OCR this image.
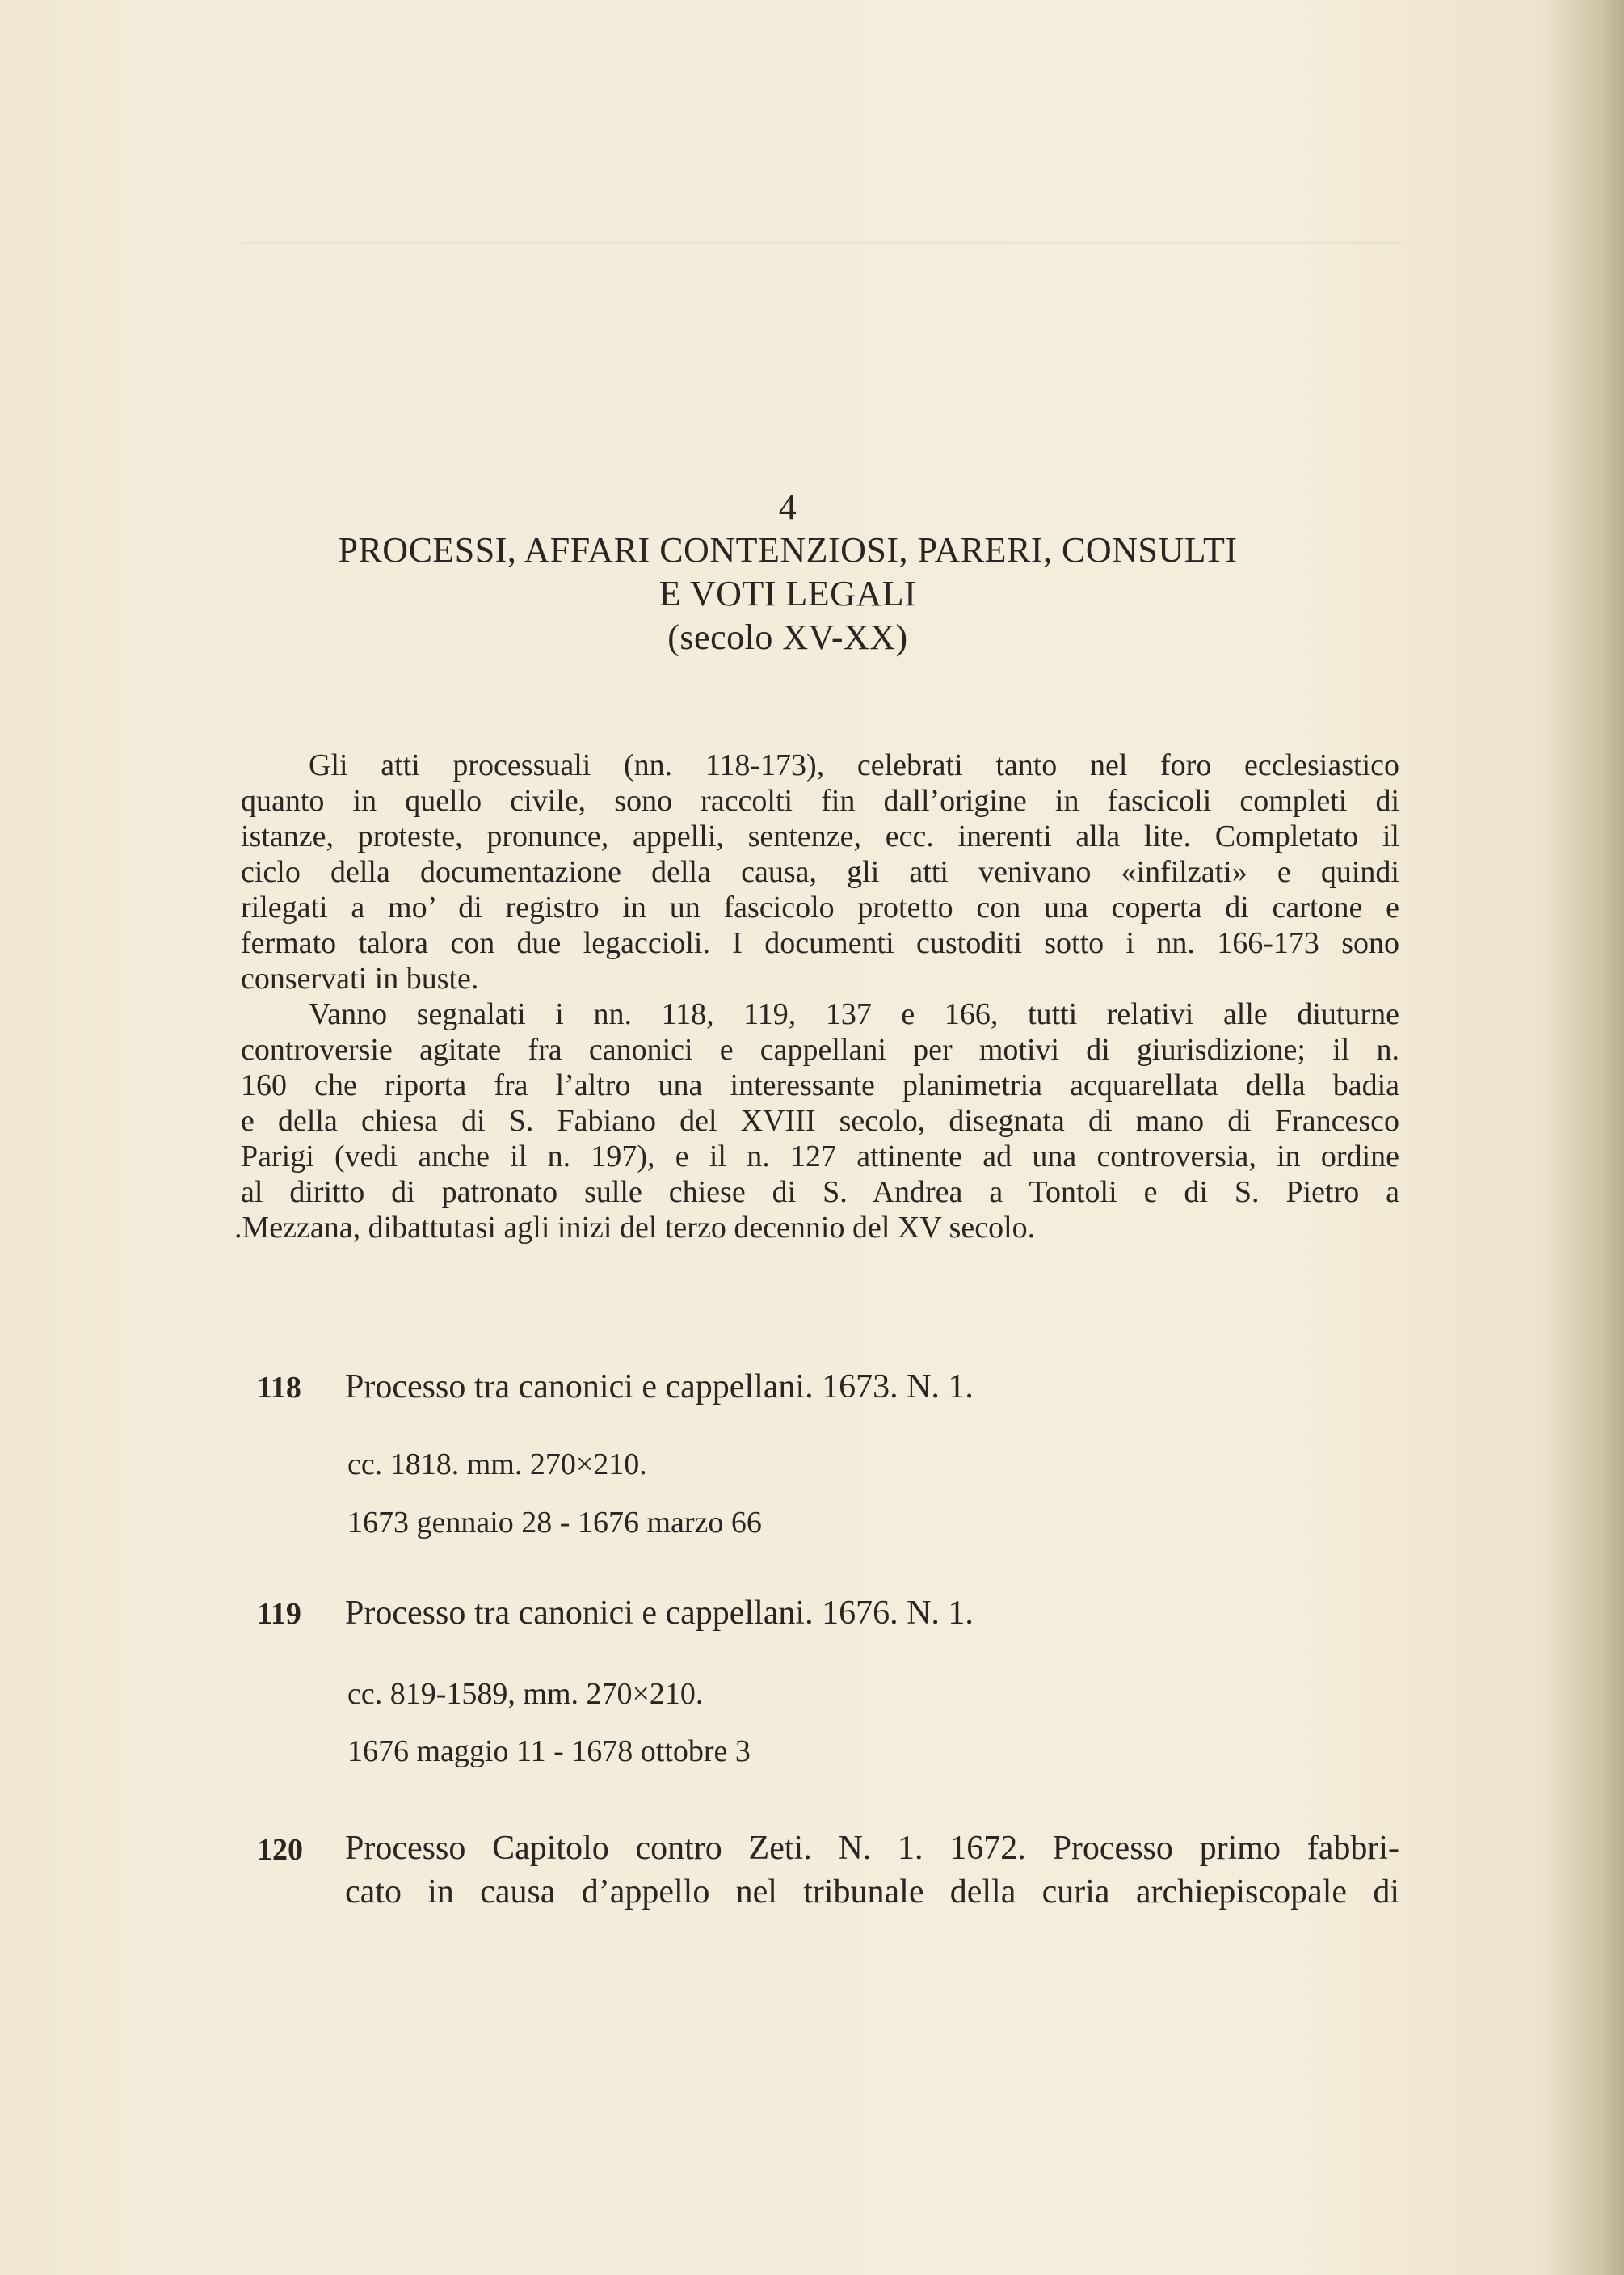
4
PROCESSI, AFFARI CONTENZIOSI, PARERI, CONSULTI
E VOTI LEGALI
(secolo XV-XX)
Gli atti processuali (nn. 118-173), celebrati tanto nel foro ecclesiastico
quanto in quello civile, sono raccolti fin dall’origine in fascicoli completi di
istanze, proteste, pronunce, appelli, sentenze, ecc. inerenti alla lite. Completato il
ciclo della documentazione della causa, gli atti venivano «infilzati» e quindi
rilegati a mo’ di registro in un fascicolo protetto con una coperta di cartone e
fermato talora con due legaccioli. I documenti custoditi sotto i nn. 166-173 sono
conservati in buste.
Vanno segnalati i nn. 118, 119, 137 e 166, tutti relativi alle diuturne
controversie agitate fra canonici e cappellani per motivi di giurisdizione; il n.
160 che riporta fra l’altro una interessante planimetria acquarellata della badia
e della chiesa di S. Fabiano del XVIII secolo, disegnata di mano di Francesco
Parigi (vedi anche il n. 197), e il n. 127 attinente ad una controversia, in ordine
al diritto di patronato sulle chiese di S. Andrea a Tontoli e di S. Pietro a
.Mezzana, dibattutasi agli inizi del terzo decennio del XV secolo.
118 Processo tra canonici e cappellani. 1673. N. 1.
cc. 1818. mm. 270×210.
1673 gennaio 28 - 1676 marzo 66
119 Processo tra canonici e cappellani. 1676. N. 1.
cc. 819-1589, mm. 270×210.
1676 maggio 11 - 1678 ottobre 3
120 Processo Capitolo contro Zeti. N. 1. 1672. Processo primo fabbri-
cato in causa d’appello nel tribunale della curia archiepiscopale di
